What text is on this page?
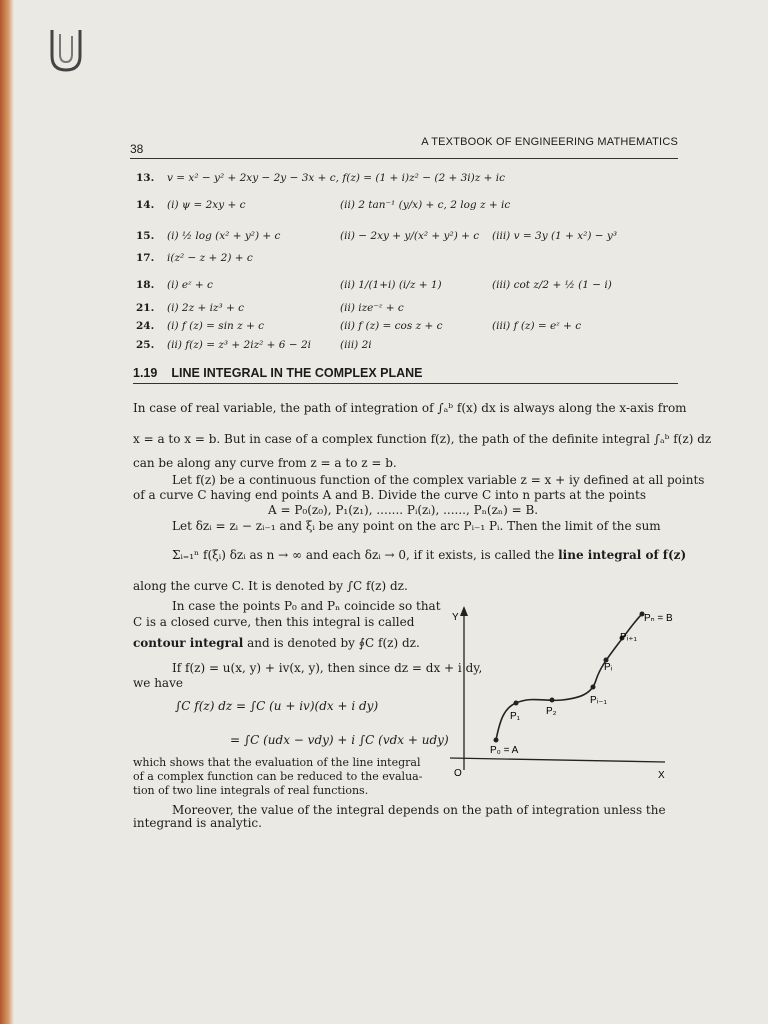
38	A TEXTBOOK OF ENGINEERING MATHEMATICS
13. v = x² − y² + 2xy − 2y − 3x + c, f(z) = (1 + i)z² − (2 + 3i)z + ic
14. (i) ψ = 2xy + c	(ii) 2 tan⁻¹ (y/x) + c, 2 log z + ic
15. (i) ½ log (x² + y²) + c	(ii) − 2xy + y/(x² + y²) + c (iii) v = 3y (1 + x²) − y³
17. i(z² − z + 2) + c
18. (i) eᶻ + c	(ii) 1/(1+i) (i/z + 1)	(iii) cot z/2 + ½ (1 − i)
21. (i) 2z + iz³ + c	(ii) ize⁻ᶻ + c
24. (i) f (z) = sin z + c	(ii) f (z) = cos z + c	(iii) f (z) = eᶻ + c
25. (ii) f(z) = z³ + 2iz² + 6 − 2i	(iii) 2i
1.19 LINE INTEGRAL IN THE COMPLEX PLANE
In case of real variable, the path of integration of ∫ₐᵇ f(x) dx is always along the x-axis from
x = a to x = b. But in case of a complex function f(z), the path of the definite integral ∫ₐᵇ f(z) dz
can be along any curve from z = a to z = b.
Let f(z) be a continuous function of the complex variable z = x + iy defined at all points
of a curve C having end points A and B. Divide the curve C into n parts at the points
A = P₀(z₀), P₁(z₁), ....... Pᵢ(zᵢ), ......, Pₙ(zₙ) = B.
Let δzᵢ = zᵢ − zᵢ₋₁ and ξᵢ be any point on the arc Pᵢ₋₁ Pᵢ. Then the limit of the sum
Σᵢ₌₁ⁿ f(ξᵢ) δzᵢ as n → ∞ and each δzᵢ → 0, if it exists, is called the line integral of f(z)
along the curve C. It is denoted by ∫C f(z) dz.
In case the points P₀ and Pₙ coincide so that
C is a closed curve, then this integral is called
contour integral and is denoted by ∮C f(z) dz.
If f(z) = u(x, y) + iv(x, y), then since dz = dx + i dy,
we have
∫C f(z) dz = ∫C (u + iv)(dx + i dy)
= ∫C (udx − vdy) + i ∫C (vdx + udy)
which shows that the evaluation of the line integral
of a complex function can be reduced to the evalua-
tion of two line integrals of real functions.
Moreover, the value of the integral depends on the path of integration unless the
integrand is analytic.
Y
X
O
P₀ = A
P₁	P₂
Pᵢ₋₁
Pᵢ
Pᵢ₊₁
Pₙ = B
